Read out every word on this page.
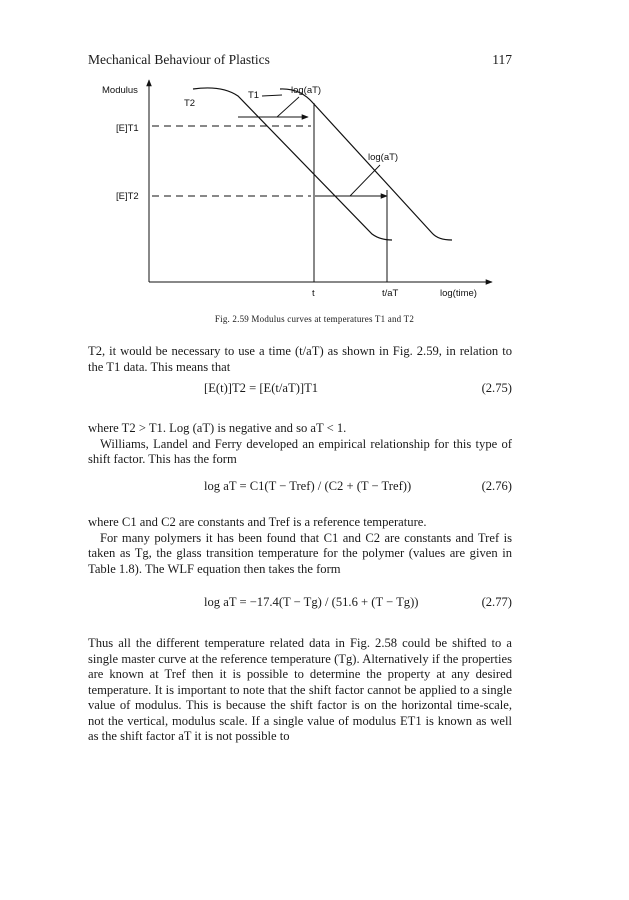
Mechanical Behaviour of Plastics	117
Modulus
log(time)
[E]T1
[E]T2
T1
T2
log(aT)
log(aT)
t	t/aT
Fig. 2.59 Modulus curves at temperatures T1 and T2

T2, it would be necessary to use a time (t/aT) as shown in Fig. 2.59, in relation to the T1 data. This means that

[E(t)]T2 = [E(t/aT)]T1	(2.75)

where T2 > T1. Log (aT) is negative and so aT < 1.

Williams, Landel and Ferry developed an empirical relationship for this type of shift factor. This has the form

log aT = C1(T − Tref) / (C2 + (T − Tref))	(2.76)

where C1 and C2 are constants and Tref is a reference temperature.

For many polymers it has been found that C1 and C2 are constants and Tref is taken as Tg, the glass transition temperature for the polymer (values are given in Table 1.8). The WLF equation then takes the form

log aT = −17.4(T − Tg) / (51.6 + (T − Tg))	(2.77)

Thus all the different temperature related data in Fig. 2.58 could be shifted to a single master curve at the reference temperature (Tg). Alternatively if the properties are known at Tref then it is possible to determine the property at any desired temperature. It is important to note that the shift factor cannot be applied to a single value of modulus. This is because the shift factor is on the horizontal time-scale, not the vertical, modulus scale. If a single value of modulus ET1 is known as well as the shift factor aT it is not possible to
